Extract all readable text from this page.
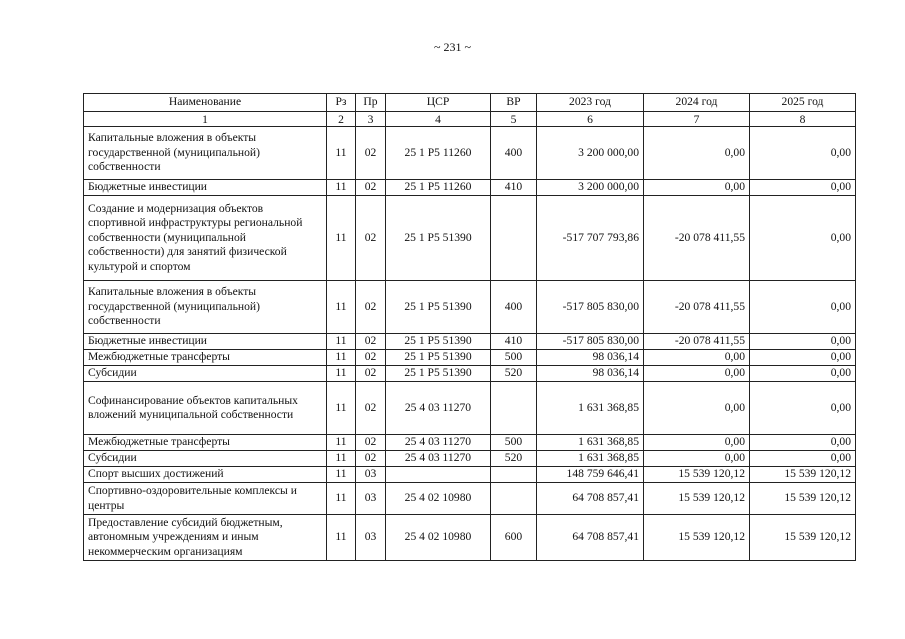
~ 231 ~
Наименование	Рз	Пр	ЦСР	ВР	2023 год	2024 год	2025 год
1	2	3	4	5	6	7	8
Капитальные вложения в объекты государственной (муниципальной) собственности	11	02	25 1 P5 11260	400	3 200 000,00	0,00	0,00
Бюджетные инвестиции	11	02	25 1 P5 11260	410	3 200 000,00	0,00	0,00
Создание и модернизация объектов спортивной инфраструктуры региональной собственности (муниципальной собственности) для занятий физической культурой и спортом	11	02	25 1 P5 51390		-517 707 793,86	-20 078 411,55	0,00
Капитальные вложения в объекты государственной (муниципальной) собственности	11	02	25 1 P5 51390	400	-517 805 830,00	-20 078 411,55	0,00
Бюджетные инвестиции	11	02	25 1 P5 51390	410	-517 805 830,00	-20 078 411,55	0,00
Межбюджетные трансферты	11	02	25 1 P5 51390	500	98 036,14	0,00	0,00
Субсидии	11	02	25 1 P5 51390	520	98 036,14	0,00	0,00
Софинансирование объектов капитальных вложений муниципальной собственности	11	02	25 4 03 11270		1 631 368,85	0,00	0,00
Межбюджетные трансферты	11	02	25 4 03 11270	500	1 631 368,85	0,00	0,00
Субсидии	11	02	25 4 03 11270	520	1 631 368,85	0,00	0,00
Спорт высших достижений	11	03			148 759 646,41	15 539 120,12	15 539 120,12
Спортивно-оздоровительные комплексы и центры	11	03	25 4 02 10980		64 708 857,41	15 539 120,12	15 539 120,12
Предоставление субсидий бюджетным, автономным учреждениям и иным некоммерческим организациям	11	03	25 4 02 10980	600	64 708 857,41	15 539 120,12	15 539 120,12
